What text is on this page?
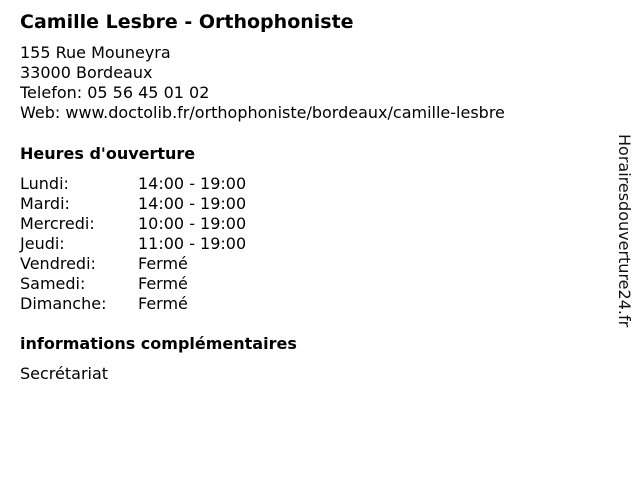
Camille Lesbre - Orthophoniste
155 Rue Mouneyra
33000 Bordeaux
Telefon: 05 56 45 01 02
Web: www.doctolib.fr/orthophoniste/bordeaux/camille-lesbre
Heures d'ouverture
Lundi:	14:00 - 19:00
Mardi:	14:00 - 19:00
Mercredi:	10:00 - 19:00
Jeudi:	11:00 - 19:00
Vendredi:	Fermé
Samedi:	Fermé
Dimanche:	Fermé
informations complémentaires
Secrétariat
Horairesdouverture24.fr
